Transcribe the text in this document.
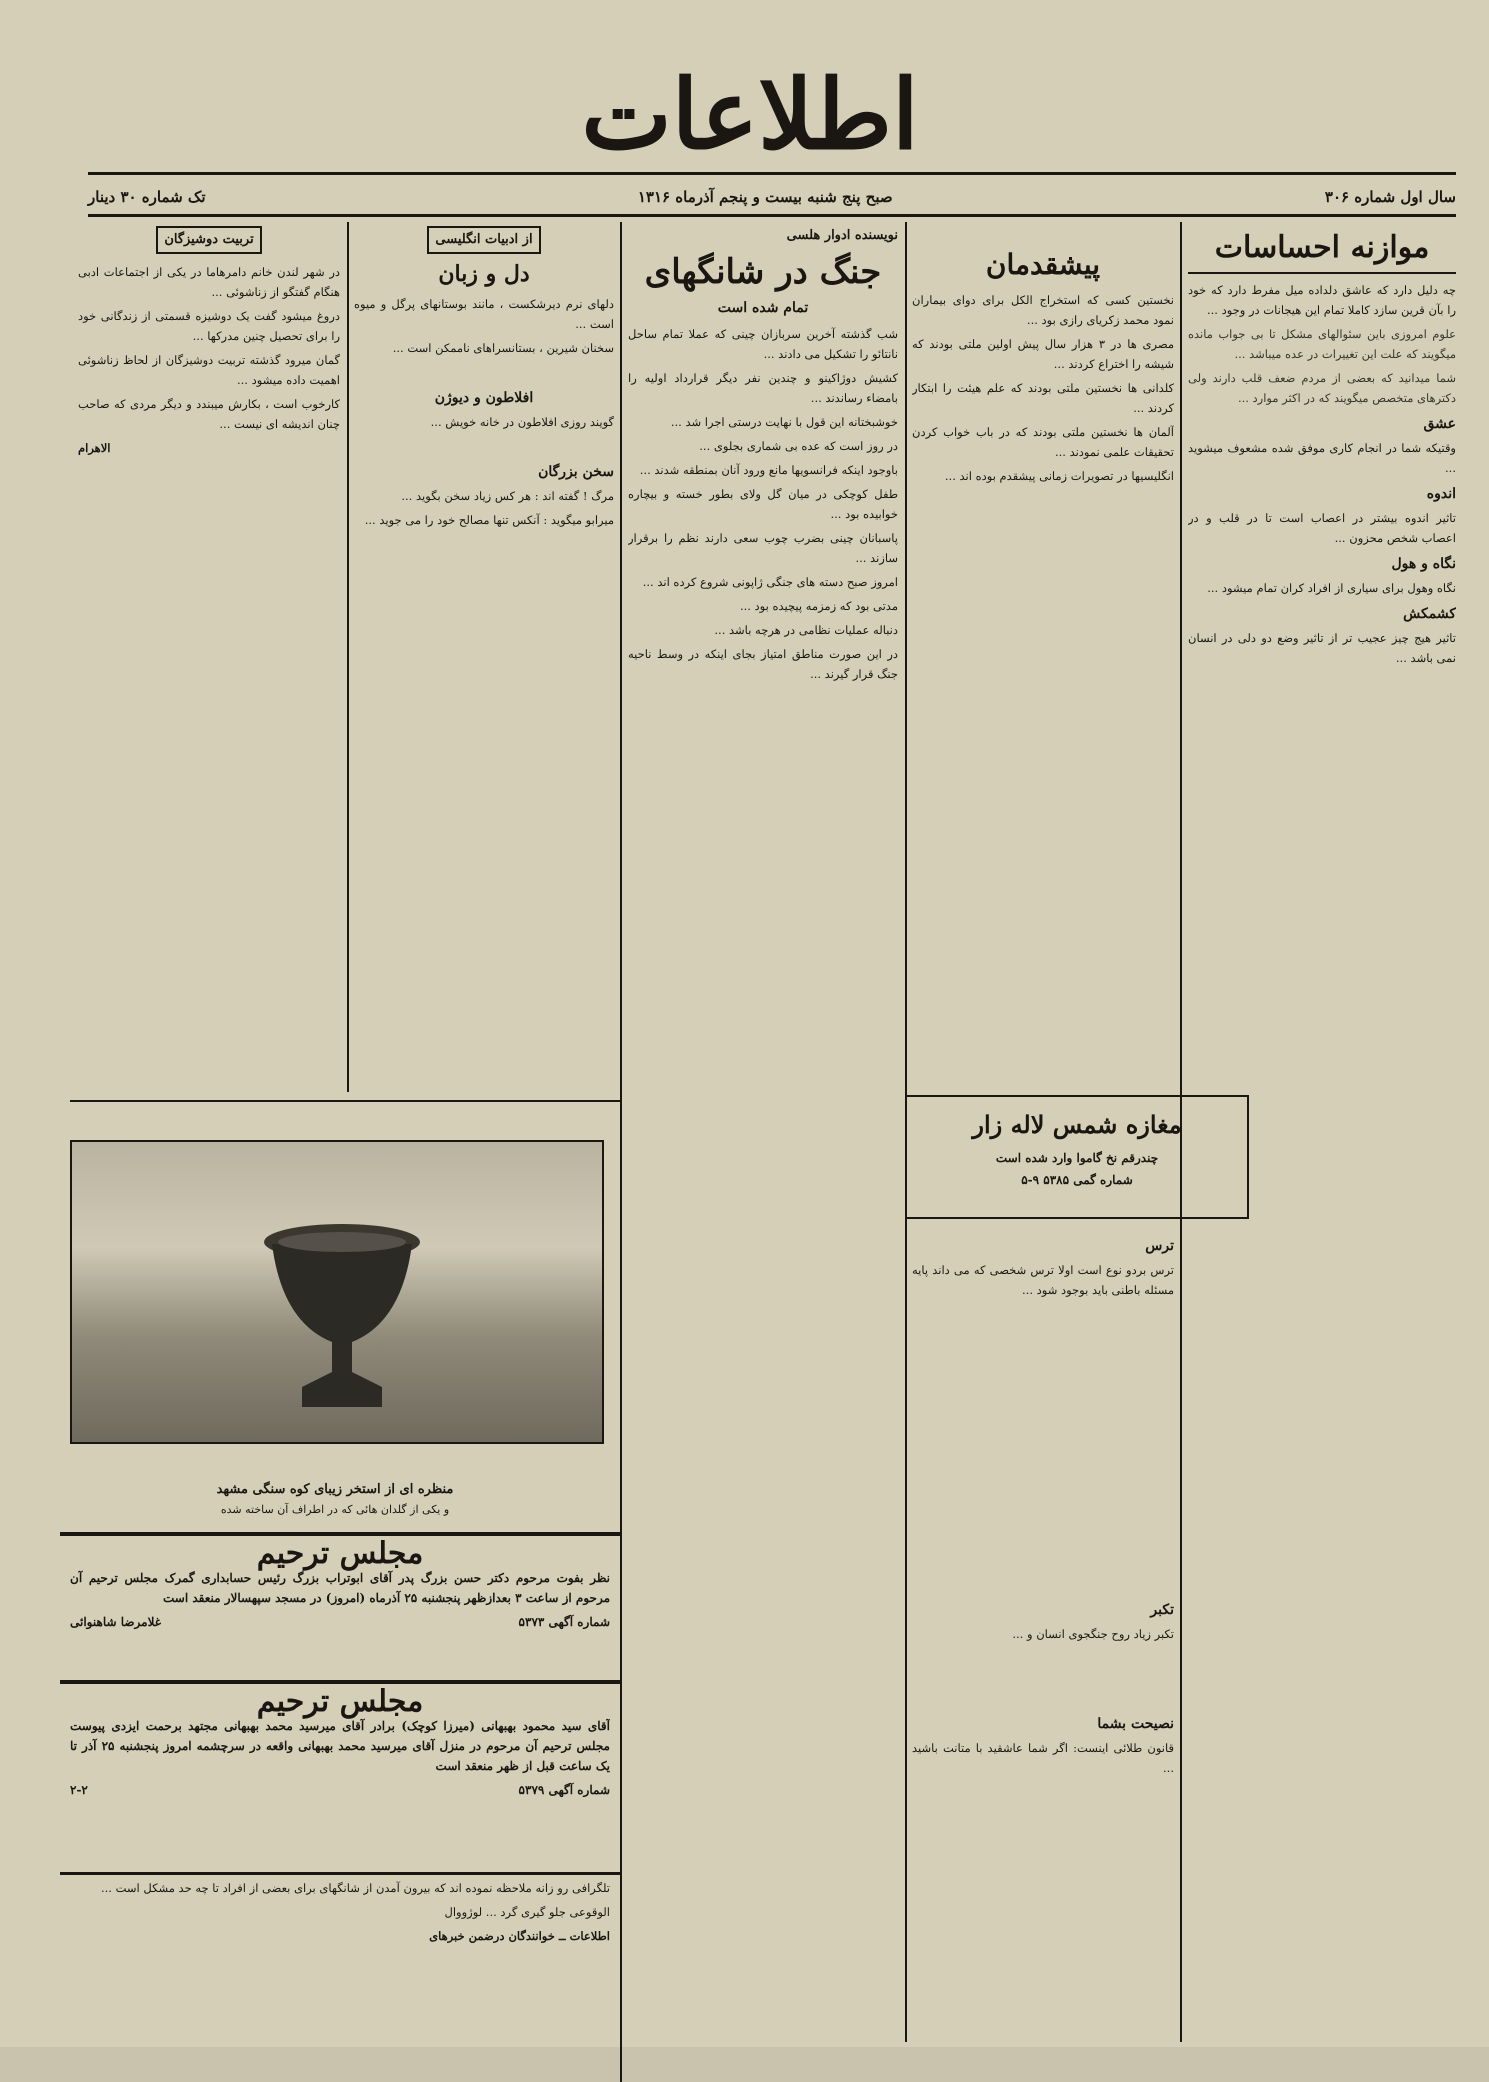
اطلاعات
سال اول شماره ۳۰۶
صبح پنج شنبه بیست و پنجم آذرماه ۱۳۱۶
تک شماره ۳۰ دینار
موازنه احساسات

چه دلیل دارد که عاشق دلداده میل مفرط دارد که خود را بآن قرین سازد کاملا تمام این هیجانات در وجود ...

علوم امروزی باین سئوالهای مشکل تا بی جواب مانده میگویند که علت این تغییرات در عده میباشد ...

شما میدانید که بعضی از مردم ضعف قلب دارند ولی دکترهای متخصص میگویند که در اکثر موارد ...

عشق

وقتیکه شما در انجام کاری موفق شده مشعوف میشوید ...

اندوه

تاثیر اندوه بیشتر در اعصاب است تا در قلب و در اعصاب شخص محزون ...

نگاه و هول

نگاه وهول برای سیاری از افراد کران تمام میشود ...

کشمکش

تاثیر هیج چیز عجیب تر از تاثیر وضع دو دلی در انسان نمی باشد ...

پیشقدمان

نخستین کسی که استخراج الکل برای دوای بیماران نمود محمد زکریای رازی بود ...

مصری ها در ۳ هزار سال پیش اولین ملتی بودند که شیشه را اختراع کردند ...

کلدانی ها نخستین ملتی بودند که علم هیئت را ابتکار کردند ...

آلمان ها نخستین ملتی بودند که در باب خواب کردن تحقیقات علمی نمودند ...

انگلیسیها در تصویرات زمانی پیشقدم بوده اند ...

مغازه شمس لاله زار
چندرقم نخ گاموا وارد شده است
شماره گمی ۵۳۸۵ ۹-۵
ترس

ترس بردو نوع است اولا ترس شخصی که می داند پایه مسئله باطنی باید بوجود شود ...

تکبر

تکبر زیاد روح جنگجوی انسان و ...

نصیحت بشما

قانون طلائی اینست: اگر شما عاشقید با متانت باشید ...

نویسنده ادوار هلسی
جنگ در شانگهای
تمام شده است

شب گذشته آخرین سربازان چینی که عملا تمام ساحل نانتائو را تشکیل می دادند ...

کشیش دوژاکینو و چندین نفر دیگر قرارداد اولیه را بامضاء رساندند ...

خوشبختانه این قول با نهایت درستی اجرا شد ...

در روز است که عده بی شماری بجلوی ...

باوجود اینکه فرانسویها مانع ورود آنان بمنطقه شدند ...

طفل کوچکی در میان گل ولای بطور خسته و بیچاره خوابیده بود ...

پاسبانان چینی بضرب چوب سعی دارند نظم را برقرار سازند ...

امروز صبح دسته های جنگی ژاپونی شروع کرده اند ...

مدتی بود که زمزمه پیچیده بود ...

دنباله عملیات نظامی در هرچه باشد ...

در این صورت مناطق امتیاز بجای اینکه در وسط ناحیه جنگ قرار گیرند ...

از ادبیات انگلیسی
دل و زبان

دلهای نرم دیرشکست ، مانند بوستانهای پرگل و میوه است ...

سخنان شیرین ، بستانسراهای ناممکن است ...

افلاطون و دیوژن

گویند روزی افلاطون در خانه خویش ...

سخن بزرگان

مرگ ! گفته اند : هر کس زیاد سخن بگوید ...

میرابو میگوید : آنکس تنها مصالح خود را می جوید ...

تربیت دوشیزگان

در شهر لندن خانم دامرهاما در یکی از اجتماعات ادبی هنگام گفتگو از زناشوئی ...

دروغ میشود گفت یک دوشیزه قسمتی از زندگانی خود را برای تحصیل چنین مدرکها ...

گمان میرود گذشته تربیت دوشیزگان از لحاظ زناشوئی اهمیت داده میشود ...

کارخوب است ، بکارش میبندد و دیگر مردی که صاحب چنان اندیشه ای نیست ...

الاهرام
منظره ای از استخر زیبای کوه سنگی مشهد
و یکی از گلدان هائی که در اطراف آن ساخته شده
مجلس ترحیم

نظر بفوت مرحوم دکتر حسن بزرگ پدر آقای ابوتراب بزرگ رئیس حسابداری گمرک مجلس ترحیم آن مرحوم از ساعت ۳ بعدازظهر پنجشنبه ۲۵ آذرماه (امروز) در مسجد سپهسالار منعقد است

شماره آگهی ۵۳۷۳
غلامرضا شاهنوائی
مجلس ترحیم

آقای سید محمود بهبهانی (میرزا کوچک) برادر آقای میرسید محمد بهبهانی مجتهد برحمت ایزدی پیوست مجلس ترحیم آن مرحوم در منزل آقای میرسید محمد بهبهانی واقعه در سرچشمه امروز پنجشنبه ۲۵ آذر تا یک ساعت قبل از ظهر منعقد است

شماره آگهی ۵۳۷۹
۲-۲

تلگرافی رو زانه ملاحظه نموده اند که بیرون آمدن از شانگهای برای بعضی از افراد تا چه حد مشکل است ...

الوقوعی جلو گیری گرد ... لوژووال

اطلاعات ــ خوانندگان درضمن خبرهای
